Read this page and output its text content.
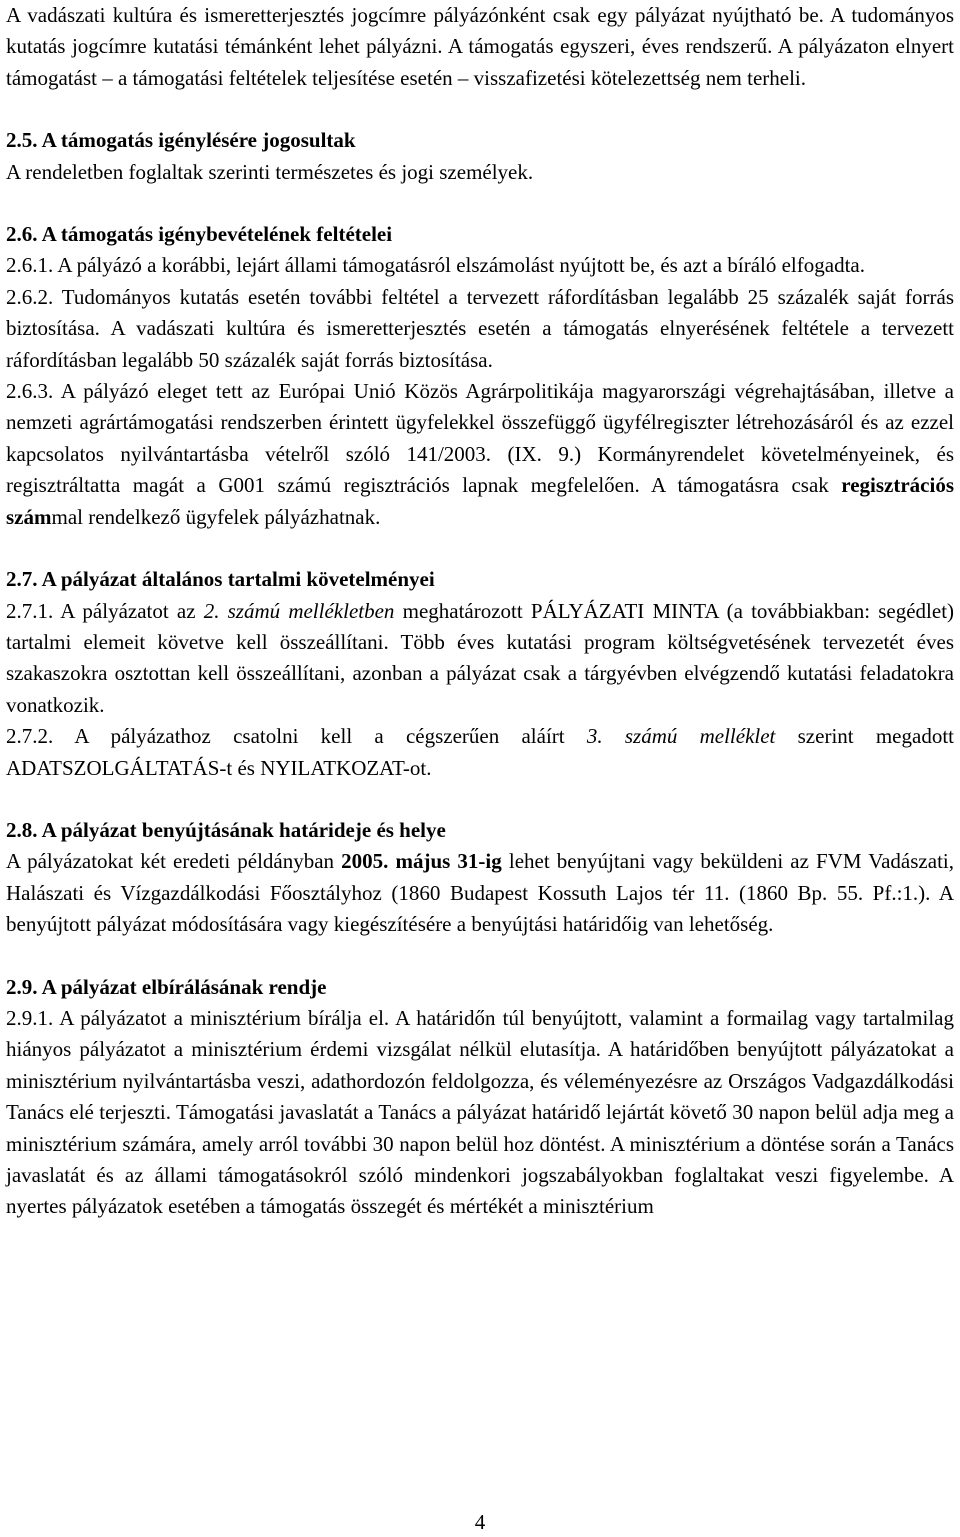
A vadászati kultúra és ismeretterjesztés jogcímre pályázónként csak egy pályázat nyújtható be. A tudományos kutatás jogcímre kutatási témánként lehet pályázni. A támogatás egyszeri, éves rendszerű. A pályázaton elnyert támogatást – a támogatási feltételek teljesítése esetén – visszafizetési kötelezettség nem terheli.

2.5. A támogatás igénylésére jogosultak

A rendeletben foglaltak szerinti természetes és jogi személyek.

2.6. A támogatás igénybevételének feltételei

2.6.1. A pályázó a korábbi, lejárt állami támogatásról elszámolást nyújtott be, és azt a bíráló elfogadta.

2.6.2. Tudományos kutatás esetén további feltétel a tervezett ráfordításban legalább 25 százalék saját forrás biztosítása. A vadászati kultúra és ismeretterjesztés esetén a támogatás elnyerésének feltétele a tervezett ráfordításban legalább 50 százalék saját forrás biztosítása.

2.6.3. A pályázó eleget tett az Európai Unió Közös Agrárpolitikája magyarországi végrehajtásában, illetve a nemzeti agrártámogatási rendszerben érintett ügyfelekkel összefüggő ügyfélregiszter létrehozásáról és az ezzel kapcsolatos nyilvántartásba vételről szóló 141/2003. (IX. 9.) Kormányrendelet követelményeinek, és regisztráltatta magát a G001 számú regisztrációs lapnak megfelelően. A támogatásra csak regisztrációs számmal rendelkező ügyfelek pályázhatnak.

2.7. A pályázat általános tartalmi követelményei

2.7.1. A pályázatot az 2. számú mellékletben meghatározott PÁLYÁZATI MINTA (a továbbiakban: segédlet) tartalmi elemeit követve kell összeállítani. Több éves kutatási program költségvetésének tervezetét éves szakaszokra osztottan kell összeállítani, azonban a pályázat csak a tárgyévben elvégzendő kutatási feladatokra vonatkozik.

2.7.2. A pályázathoz csatolni kell a cégszerűen aláírt 3. számú melléklet szerint megadott ADATSZOLGÁLTATÁS-t és NYILATKOZAT-ot.

2.8. A pályázat benyújtásának határideje és helye

A pályázatokat két eredeti példányban 2005. május 31-ig lehet benyújtani vagy beküldeni az FVM Vadászati, Halászati és Vízgazdálkodási Főosztályhoz (1860 Budapest Kossuth Lajos tér 11. (1860 Bp. 55. Pf.:1.). A benyújtott pályázat módosítására vagy kiegészítésére a benyújtási határidőig van lehetőség.

2.9. A pályázat elbírálásának rendje

2.9.1. A pályázatot a minisztérium bírálja el. A határidőn túl benyújtott, valamint a formailag vagy tartalmilag hiányos pályázatot a minisztérium érdemi vizsgálat nélkül elutasítja. A határidőben benyújtott pályázatokat a minisztérium nyilvántartásba veszi, adathordozón feldolgozza, és véleményezésre az Országos Vadgazdálkodási Tanács elé terjeszti. Támogatási javaslatát a Tanács a pályázat határidő lejártát követő 30 napon belül adja meg a minisztérium számára, amely arról további 30 napon belül hoz döntést. A minisztérium a döntése során a Tanács javaslatát és az állami támogatásokról szóló mindenkori jogszabályokban foglaltakat veszi figyelembe. A nyertes pályázatok esetében a támogatás összegét és mértékét a minisztérium

4
